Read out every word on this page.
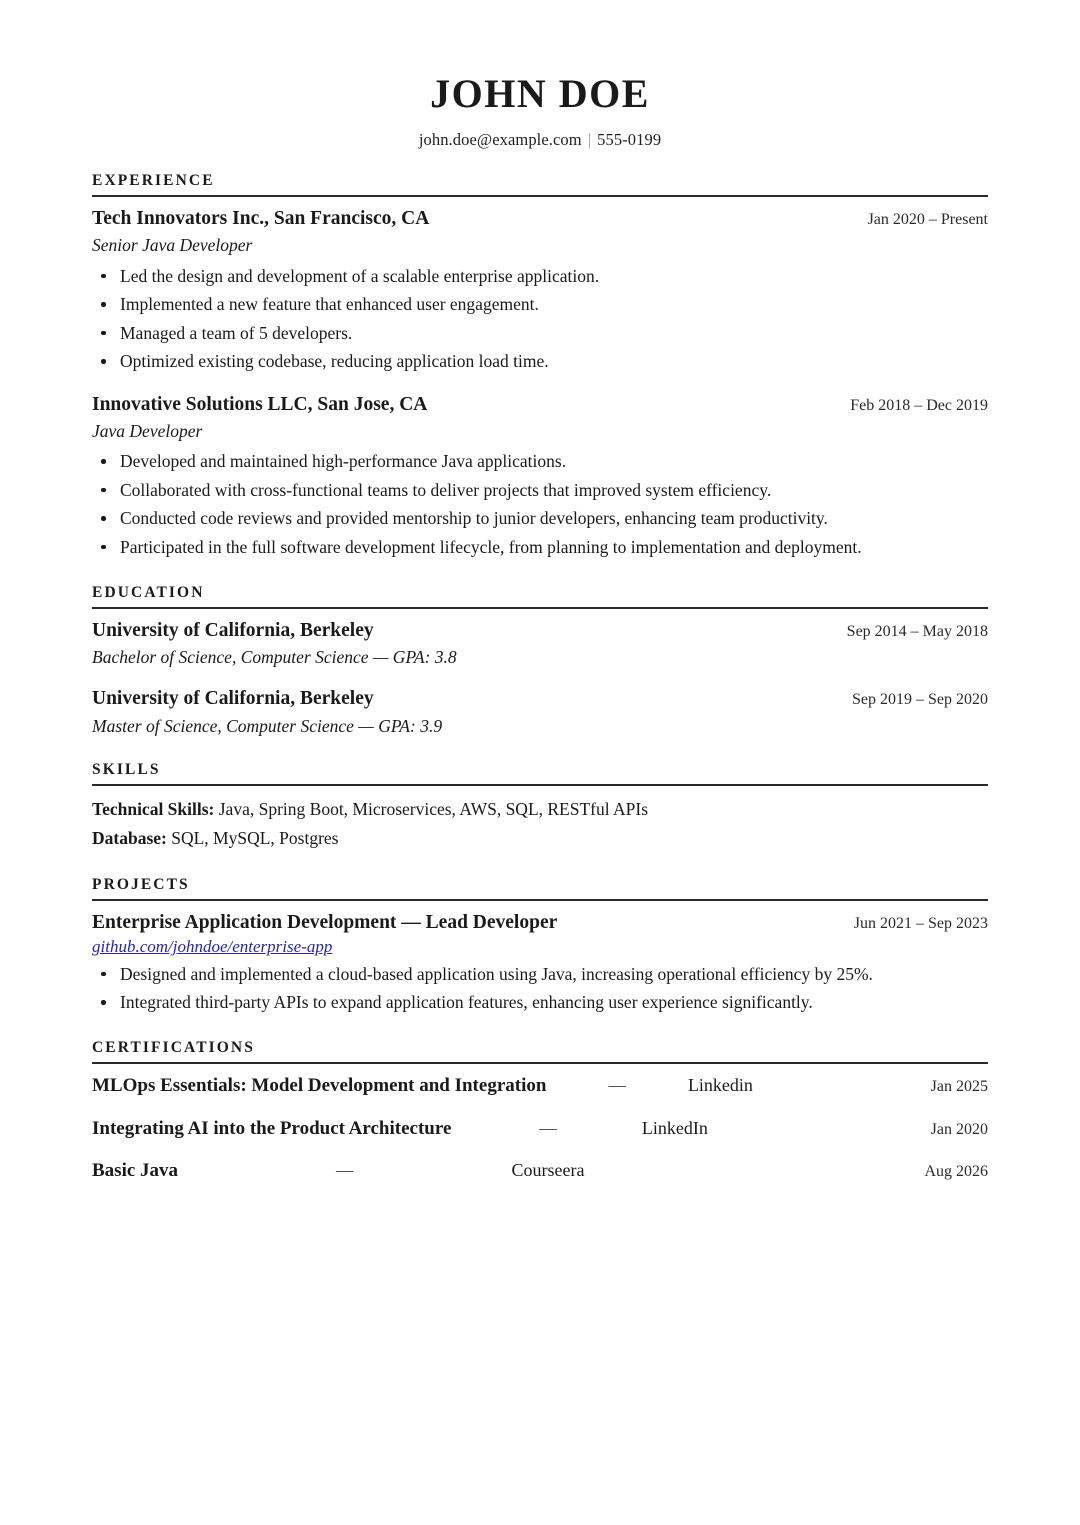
JOHN DOE
john.doe@example.com | 555-0199
EXPERIENCE
Tech Innovators Inc., San Francisco, CA	Jan 2020 – Present
Senior Java Developer
Led the design and development of a scalable enterprise application.
Implemented a new feature that enhanced user engagement.
Managed a team of 5 developers.
Optimized existing codebase, reducing application load time.
Innovative Solutions LLC, San Jose, CA	Feb 2018 – Dec 2019
Java Developer
Developed and maintained high-performance Java applications.
Collaborated with cross-functional teams to deliver projects that improved system efficiency.
Conducted code reviews and provided mentorship to junior developers, enhancing team productivity.
Participated in the full software development lifecycle, from planning to implementation and deployment.
EDUCATION
University of California, Berkeley	Sep 2014 – May 2018
Bachelor of Science, Computer Science — GPA: 3.8
University of California, Berkeley	Sep 2019 – Sep 2020
Master of Science, Computer Science — GPA: 3.9
SKILLS
Technical Skills: Java, Spring Boot, Microservices, AWS, SQL, RESTful APIs
Database: SQL, MySQL, Postgres
PROJECTS
Enterprise Application Development — Lead Developer	Jun 2021 – Sep 2023
github.com/johndoe/enterprise-app
Designed and implemented a cloud-based application using Java, increasing operational efficiency by 25%.
Integrated third-party APIs to expand application features, enhancing user experience significantly.
CERTIFICATIONS
MLOps Essentials: Model Development and Integration	—	Linkedin	Jan 2025
Integrating AI into the Product Architecture	—	LinkedIn	Jan 2020
Basic Java	—	Courseera	Aug 2026
